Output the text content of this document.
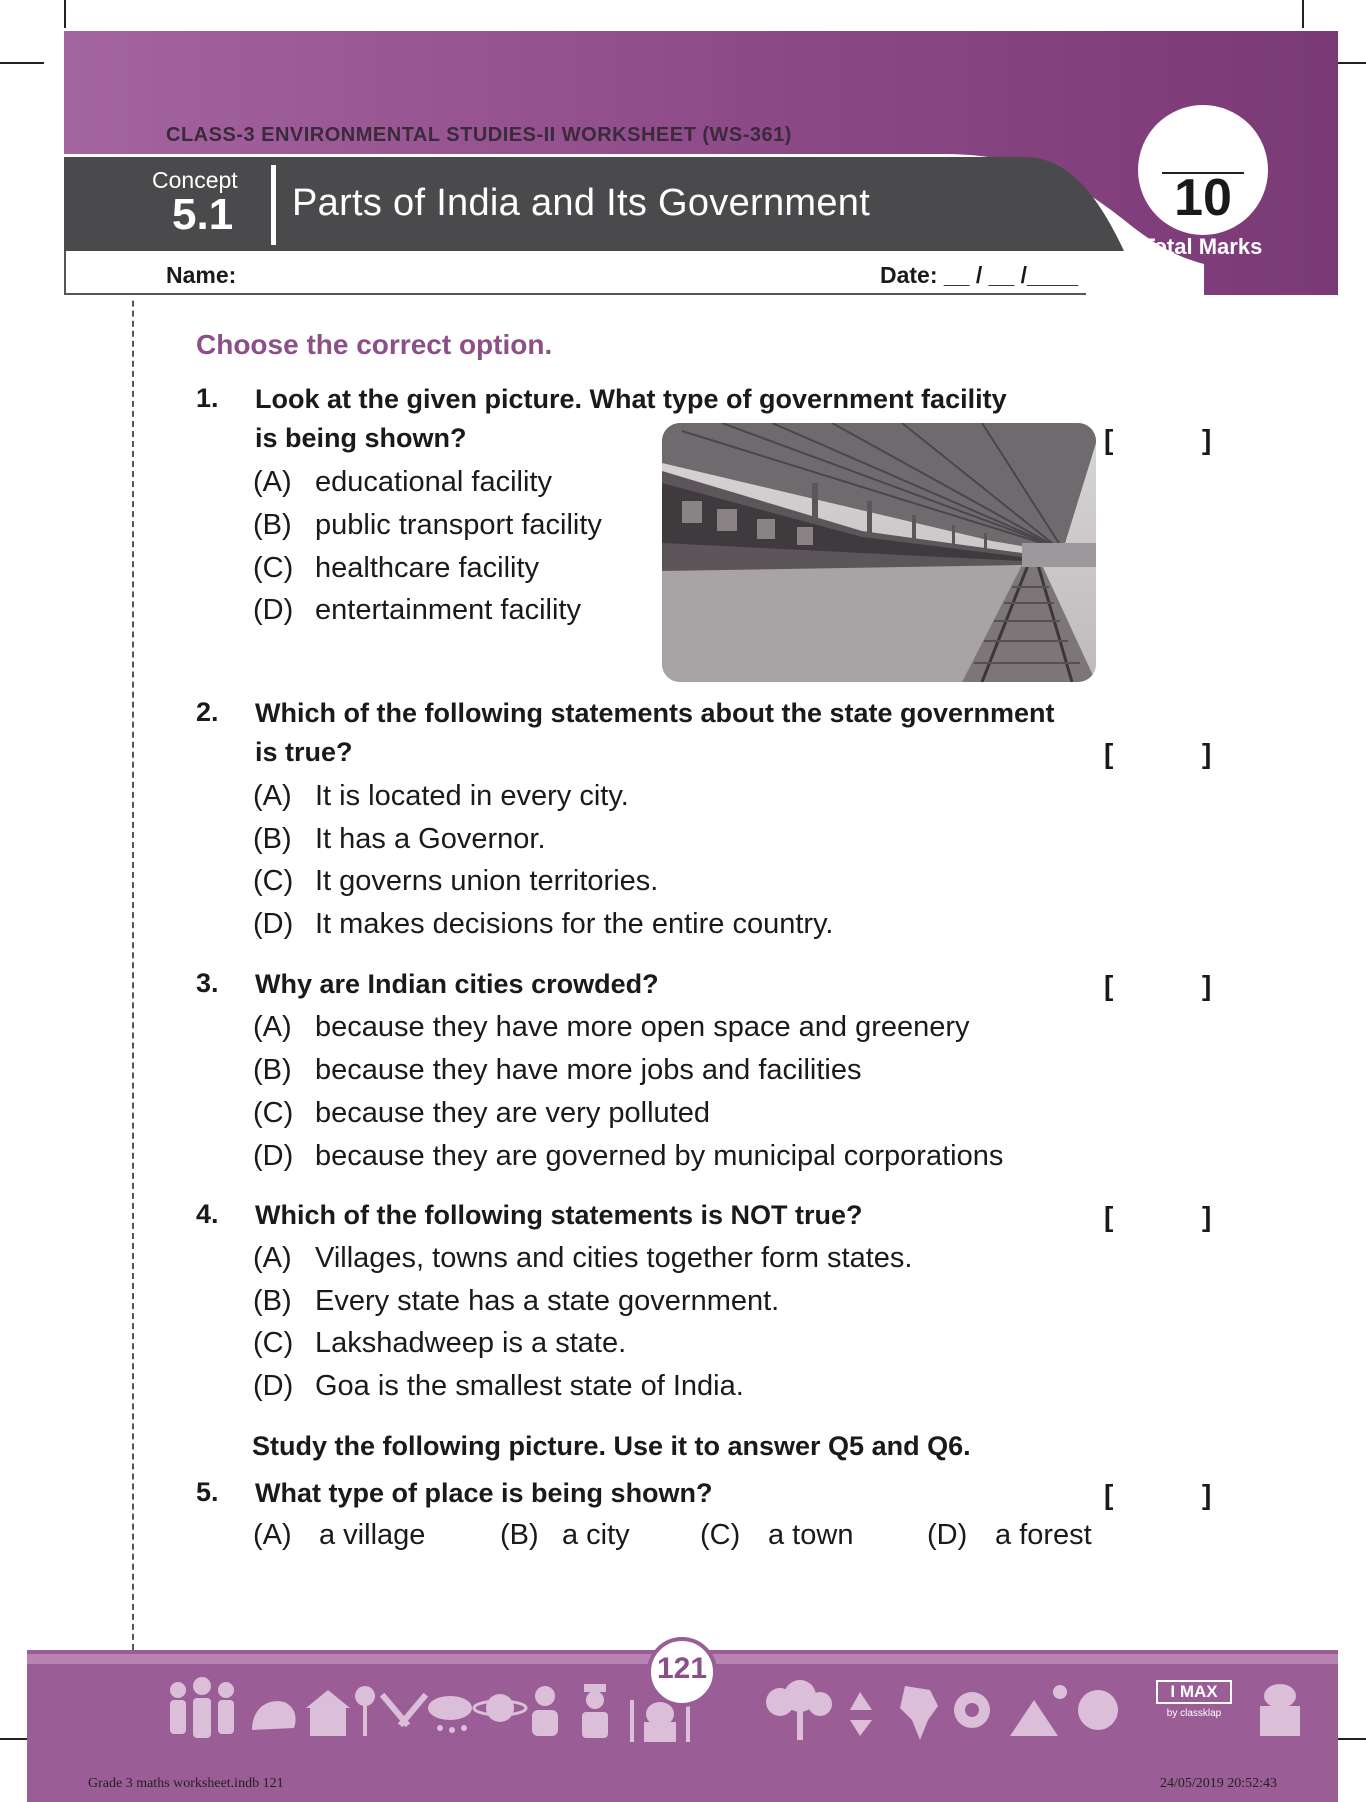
CLASS-3 ENVIRONMENTAL STUDIES-II WORKSHEET (WS-361)
Concept
5.1 Parts of India and Its Government	10
Total Marks
Name:	Date: __ / __ /____
Choose the correct option.
1. Look at the given picture. What type of government facility
is being shown?	[	]
(A) educational facility
(B) public transport facility
(C) healthcare facility
(D) entertainment facility
2. Which of the following statements about the state government
is true?	[	]
(A) It is located in every city.
(B) It has a Governor.
(C) It governs union territories.
(D) It makes decisions for the entire country.
3. Why are Indian cities crowded?	[	]
(A) because they have more open space and greenery
(B) because they have more jobs and facilities
(C) because they are very polluted
(D) because they are governed by municipal corporations
4. Which of the following statements is NOT true?	[	]
(A) Villages, towns and cities together form states.
(B) Every state has a state government.
(C) Lakshadweep is a state.
(D) Goa is the smallest state of India.
Study the following picture. Use it to answer Q5 and Q6.
5. What type of place is being shown?	[	]
(A) a village	(B) a city (C) a town	(D) a forest
121
I MAX
by classklap
Grade 3 maths worksheet.indb 121	24/05/2019 20:52:43
